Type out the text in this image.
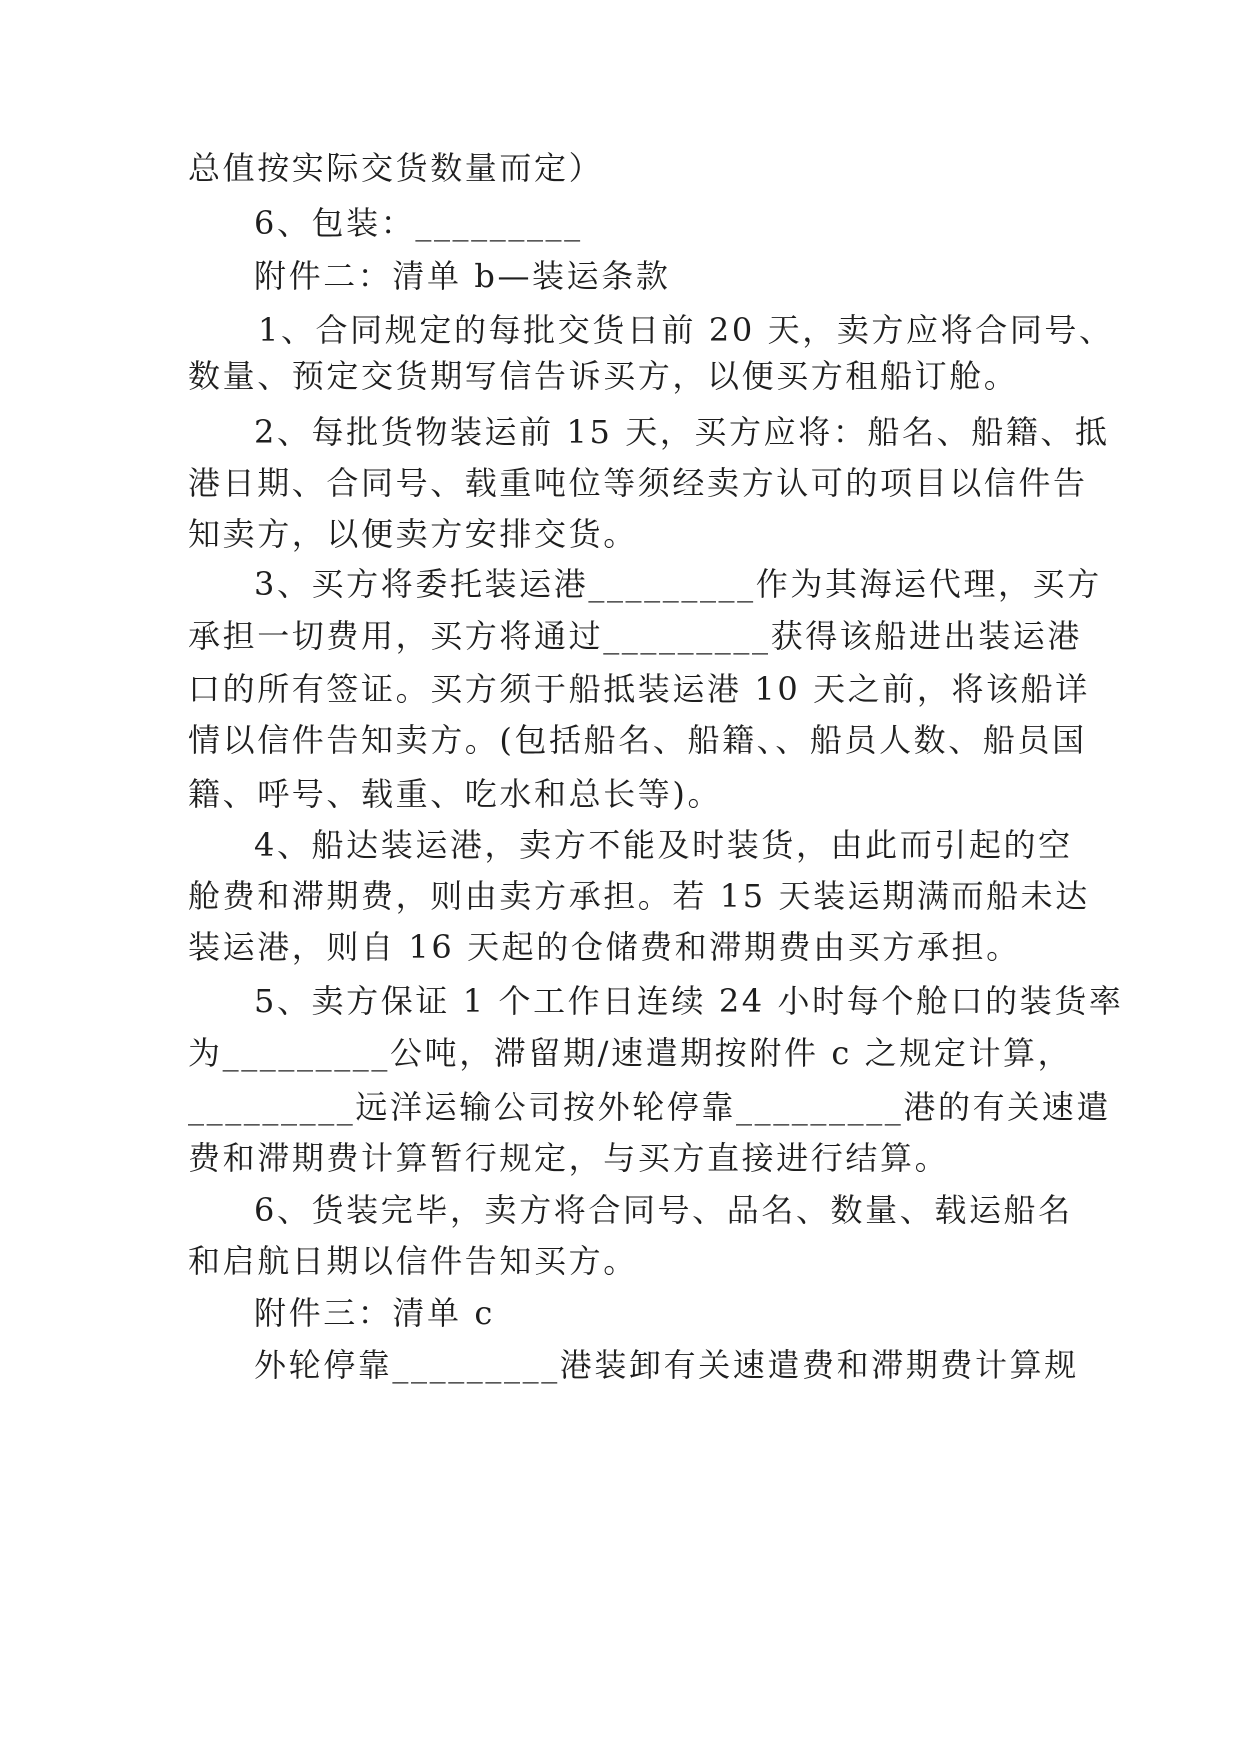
总值按实际交货数量而定）
6、包装：_________
附件二：清单 b—装运条款
1、合同规定的每批交货日前 20 天，卖方应将合同号、
数量、预定交货期写信告诉买方，以便买方租船订舱。
2、每批货物装运前 15 天，买方应将：船名、船籍、抵
港日期、合同号、载重吨位等须经卖方认可的项目以信件告
知卖方，以便卖方安排交货。
3、买方将委托装运港_________作为其海运代理，买方
承担一切费用，买方将通过_________获得该船进出装运港
口的所有签证。买方须于船抵装运港 10 天之前，将该船详
情以信件告知卖方。(包括船名、船籍、、船员人数、船员国
籍、呼号、载重、吃水和总长等)。
4、船达装运港，卖方不能及时装货，由此而引起的空
舱费和滞期费，则由卖方承担。若 15 天装运期满而船未达
装运港，则自 16 天起的仓储费和滞期费由买方承担。
5、卖方保证 1 个工作日连续 24 小时每个舱口的装货率
为_________公吨，滞留期/速遣期按附件 c 之规定计算，
_________远洋运输公司按外轮停靠_________港的有关速遣
费和滞期费计算暂行规定，与买方直接进行结算。
6、货装完毕，卖方将合同号、品名、数量、载运船名
和启航日期以信件告知买方。
附件三：清单 c
外轮停靠_________港装卸有关速遣费和滞期费计算规
